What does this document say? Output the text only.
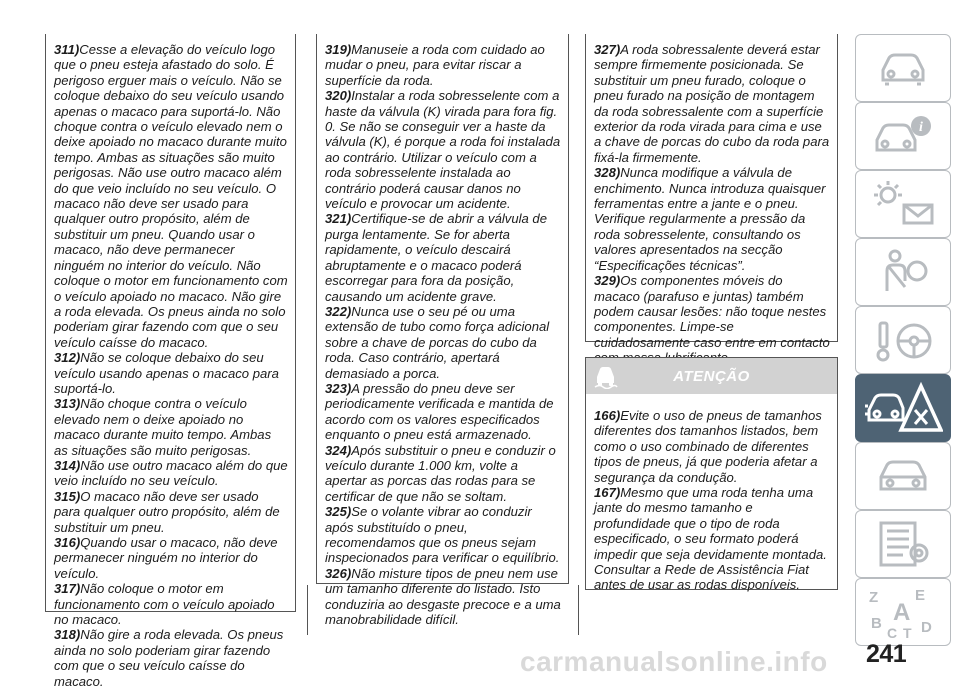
311)Cesse a elevação do veículo logo que o pneu esteja afastado do solo. É perigoso erguer mais o veículo. Não se coloque debaixo do seu veículo usando apenas o macaco para suportá-lo. Não choque contra o veículo elevado nem o deixe apoiado no macaco durante muito tempo. Ambas as situações são muito perigosas. Não use outro macaco além do que veio incluído no seu veículo. O macaco não deve ser usado para qualquer outro propósito, além de substituir um pneu. Quando usar o macaco, não deve permanecer ninguém no interior do veículo. Não coloque o motor em funcionamento com o veículo apoiado no macaco. Não gire a roda elevada. Os pneus ainda no solo poderiam girar fazendo com que o seu veículo caísse do macaco.
312)Não se coloque debaixo do seu veículo usando apenas o macaco para suportá-lo.
313)Não choque contra o veículo elevado nem o deixe apoiado no macaco durante muito tempo. Ambas as situações são muito perigosas.
314)Não use outro macaco além do que veio incluído no seu veículo.
315)O macaco não deve ser usado para qualquer outro propósito, além de substituir um pneu.
316)Quando usar o macaco, não deve permanecer ninguém no interior do veículo.
317)Não coloque o motor em funcionamento com o veículo apoiado no macaco.
318)Não gire a roda elevada. Os pneus ainda no solo poderiam girar fazendo com que o seu veículo caísse do macaco.
319)Manuseie a roda com cuidado ao mudar o pneu, para evitar riscar a superfície da roda.
320)Instalar a roda sobresselente com a haste da válvula (K) virada para fora fig. 0. Se não se conseguir ver a haste da válvula (K), é porque a roda foi instalada ao contrário. Utilizar o veículo com a roda sobresselente instalada ao contrário poderá causar danos no veículo e provocar um acidente.
321)Certifique-se de abrir a válvula de purga lentamente. Se for aberta rapidamente, o veículo descairá abruptamente e o macaco poderá escorregar para fora da posição, causando um acidente grave.
322)Nunca use o seu pé ou uma extensão de tubo como força adicional sobre a chave de porcas do cubo da roda. Caso contrário, apertará demasiado a porca.
323)A pressão do pneu deve ser periodicamente verificada e mantida de acordo com os valores especificados enquanto o pneu está armazenado.
324)Após substituir o pneu e conduzir o veículo durante 1.000 km, volte a apertar as porcas das rodas para se certificar de que não se soltam.
325)Se o volante vibrar ao conduzir após substituído o pneu, recomendamos que os pneus sejam inspecionados para verificar o equilíbrio.
326)Não misture tipos de pneu nem use um tamanho diferente do listado. Isto conduziria ao desgaste precoce e a uma manobrabilidade difícil.
327)A roda sobressalente deverá estar sempre firmemente posicionada. Se substituir um pneu furado, coloque o pneu furado na posição de montagem da roda sobressalente com a superfície exterior da roda virada para cima e use a chave de porcas do cubo da roda para fixá-la firmemente.
328)Nunca modifique a válvula de enchimento. Nunca introduza quaisquer ferramentas entre a jante e o pneu. Verifique regularmente a pressão da roda sobresselente, consultando os valores apresentados na secção “Especificações técnicas”.
329)Os componentes móveis do macaco (parafuso e juntas) também podem causar lesões: não toque nestes componentes. Limpe-se cuidadosamente caso entre em contacto
ATENÇÃO
166)Evite o uso de pneus de tamanhos diferentes dos tamanhos listados, bem como o uso combinado de diferentes tipos de pneus, já que poderia afetar a segurança da condução.
167)Mesmo que uma roda tenha uma jante do mesmo tamanho e profundidade que o tipo de roda especificado, o seu formato poderá impedir que seja devidamente montada. Consultar a Rede de Assistência Fiat antes de usar as rodas disponíveis.
i
Z E
A
B
C T D
carmanualsonline.info 241
